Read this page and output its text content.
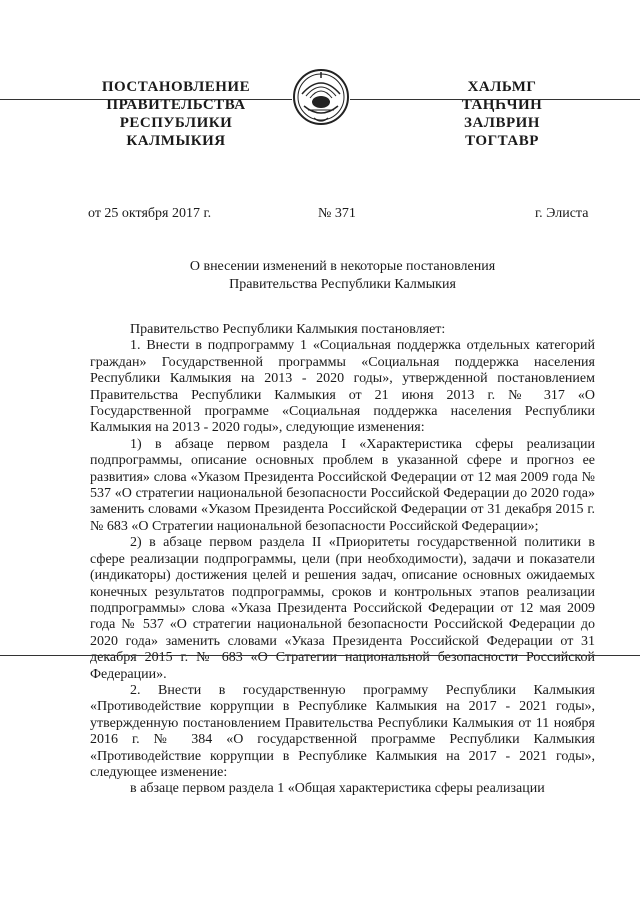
ПОСТАНОВЛЕНИЕ
ПРАВИТЕЛЬСТВА
РЕСПУБЛИКИ
КАЛМЫКИЯ
ХАЛЬМГ
ТАҢҺЧИН
ЗАЛВРИН
ТОГТАВР
от 25 октября 2017 г.	№ 371	г. Элиста
О внесении изменений в некоторые постановления
Правительства Республики Калмыкия

Правительство Республики Калмыкия постановляет:

1. Внести в подпрограмму 1 «Социальная поддержка отдельных категорий граждан» Государственной программы «Социальная поддержка населения Республики Калмыкия на 2013 - 2020 годы», утвержденной постановлением Правительства Республики Калмыкия от 21 июня 2013 г. № 317 «О Государственной программе «Социальная поддержка населения Республики Калмыкия на 2013 - 2020 годы», следующие изменения:

1) в абзаце первом раздела I «Характеристика сферы реализации подпрограммы, описание основных проблем в указанной сфере и прогноз ее развития» слова «Указом Президента Российской Федерации от 12 мая 2009 года № 537 «О стратегии национальной безопасности Российской Федерации до 2020 года» заменить словами «Указом Президента Российской Федерации от 31 декабря 2015 г. № 683 «О Стратегии национальной безопасности Российской Федерации»;

2) в абзаце первом раздела II «Приоритеты государственной политики в сфере реализации подпрограммы, цели (при необходимости), задачи и показатели (индикаторы) достижения целей и решения задач, описание основных ожидаемых конечных результатов подпрограммы, сроков и контрольных этапов реализации подпрограммы» слова «Указа Президента Российской Федерации от 12 мая 2009 года № 537 «О стратегии национальной безопасности Российской Федерации до 2020 года» заменить словами «Указа Президента Российской Федерации от 31 декабря 2015 г. № 683 «О Стратегии национальной безопасности Российской Федерации».

2. Внести в государственную программу Республики Калмыкия «Противодействие коррупции в Республике Калмыкия на 2017 - 2021 годы», утвержденную постановлением Правительства Республики Калмыкия от 11 ноября 2016 г. № 384 «О государственной программе Республики Калмыкия «Противодействие коррупции в Республике Калмыкия на 2017 - 2021 годы», следующее изменение:

в абзаце первом раздела 1 «Общая характеристика сферы реализации
